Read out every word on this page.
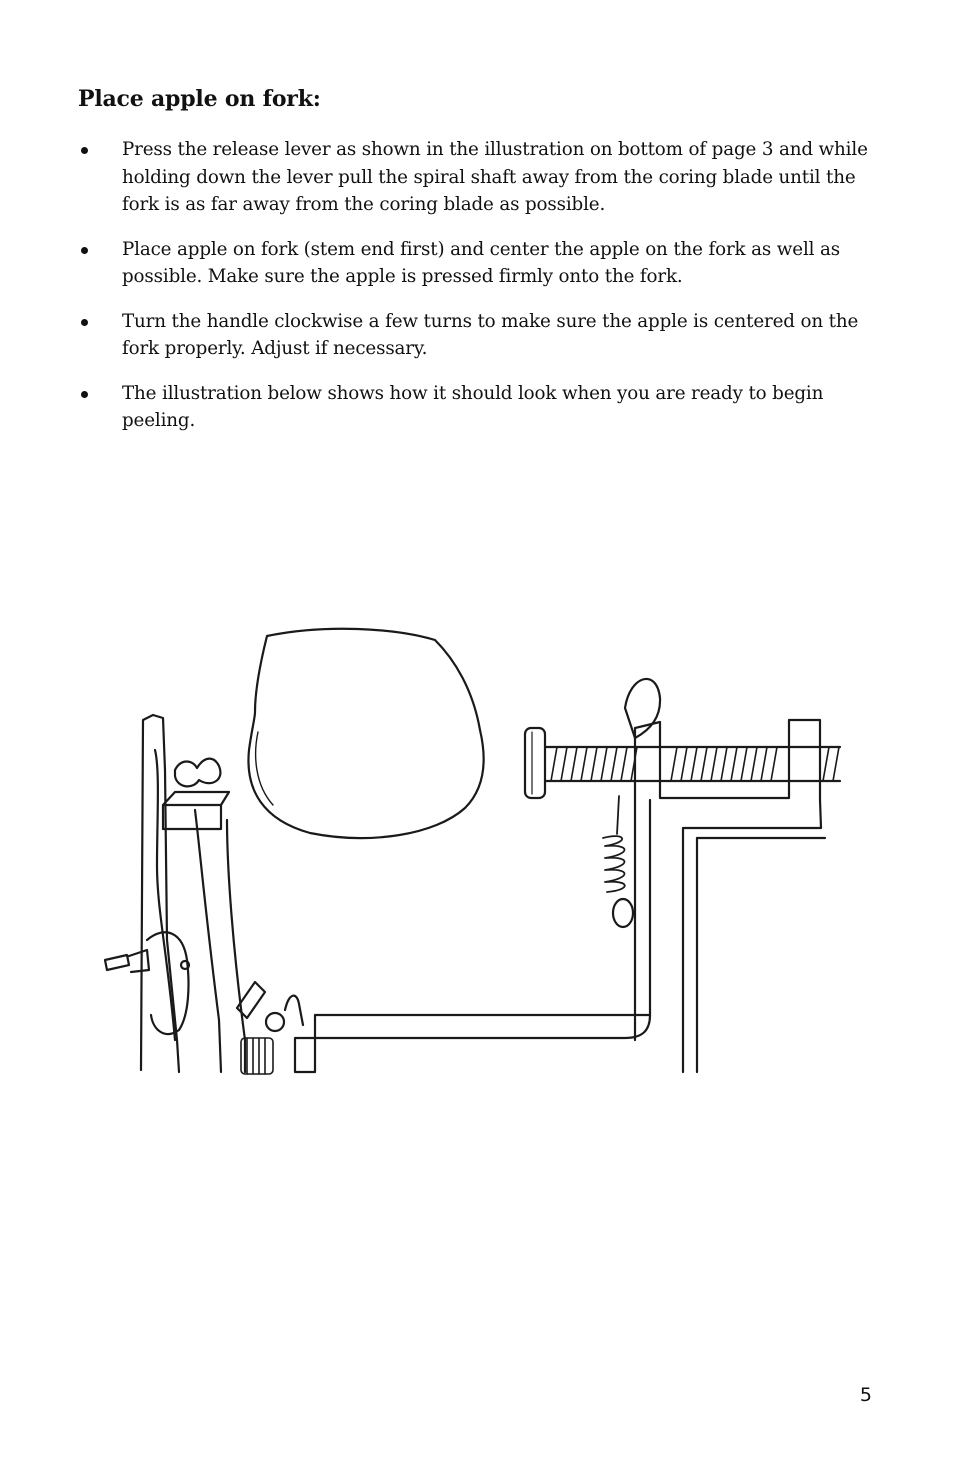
Place apple on fork:
Press the release lever as shown in the illustration on bottom of page 3 and while holding down the lever pull the spiral shaft away from the coring blade until the fork is as far away from the coring blade as possible.
Place apple on fork (stem end first) and center the apple on the fork as well as possible. Make sure the apple is pressed firmly onto the fork.
Turn the handle clockwise a few turns to make sure the apple is centered on the fork properly. Adjust if necessary.
The illustration below shows how it should look when you are ready to begin peeling.
5
